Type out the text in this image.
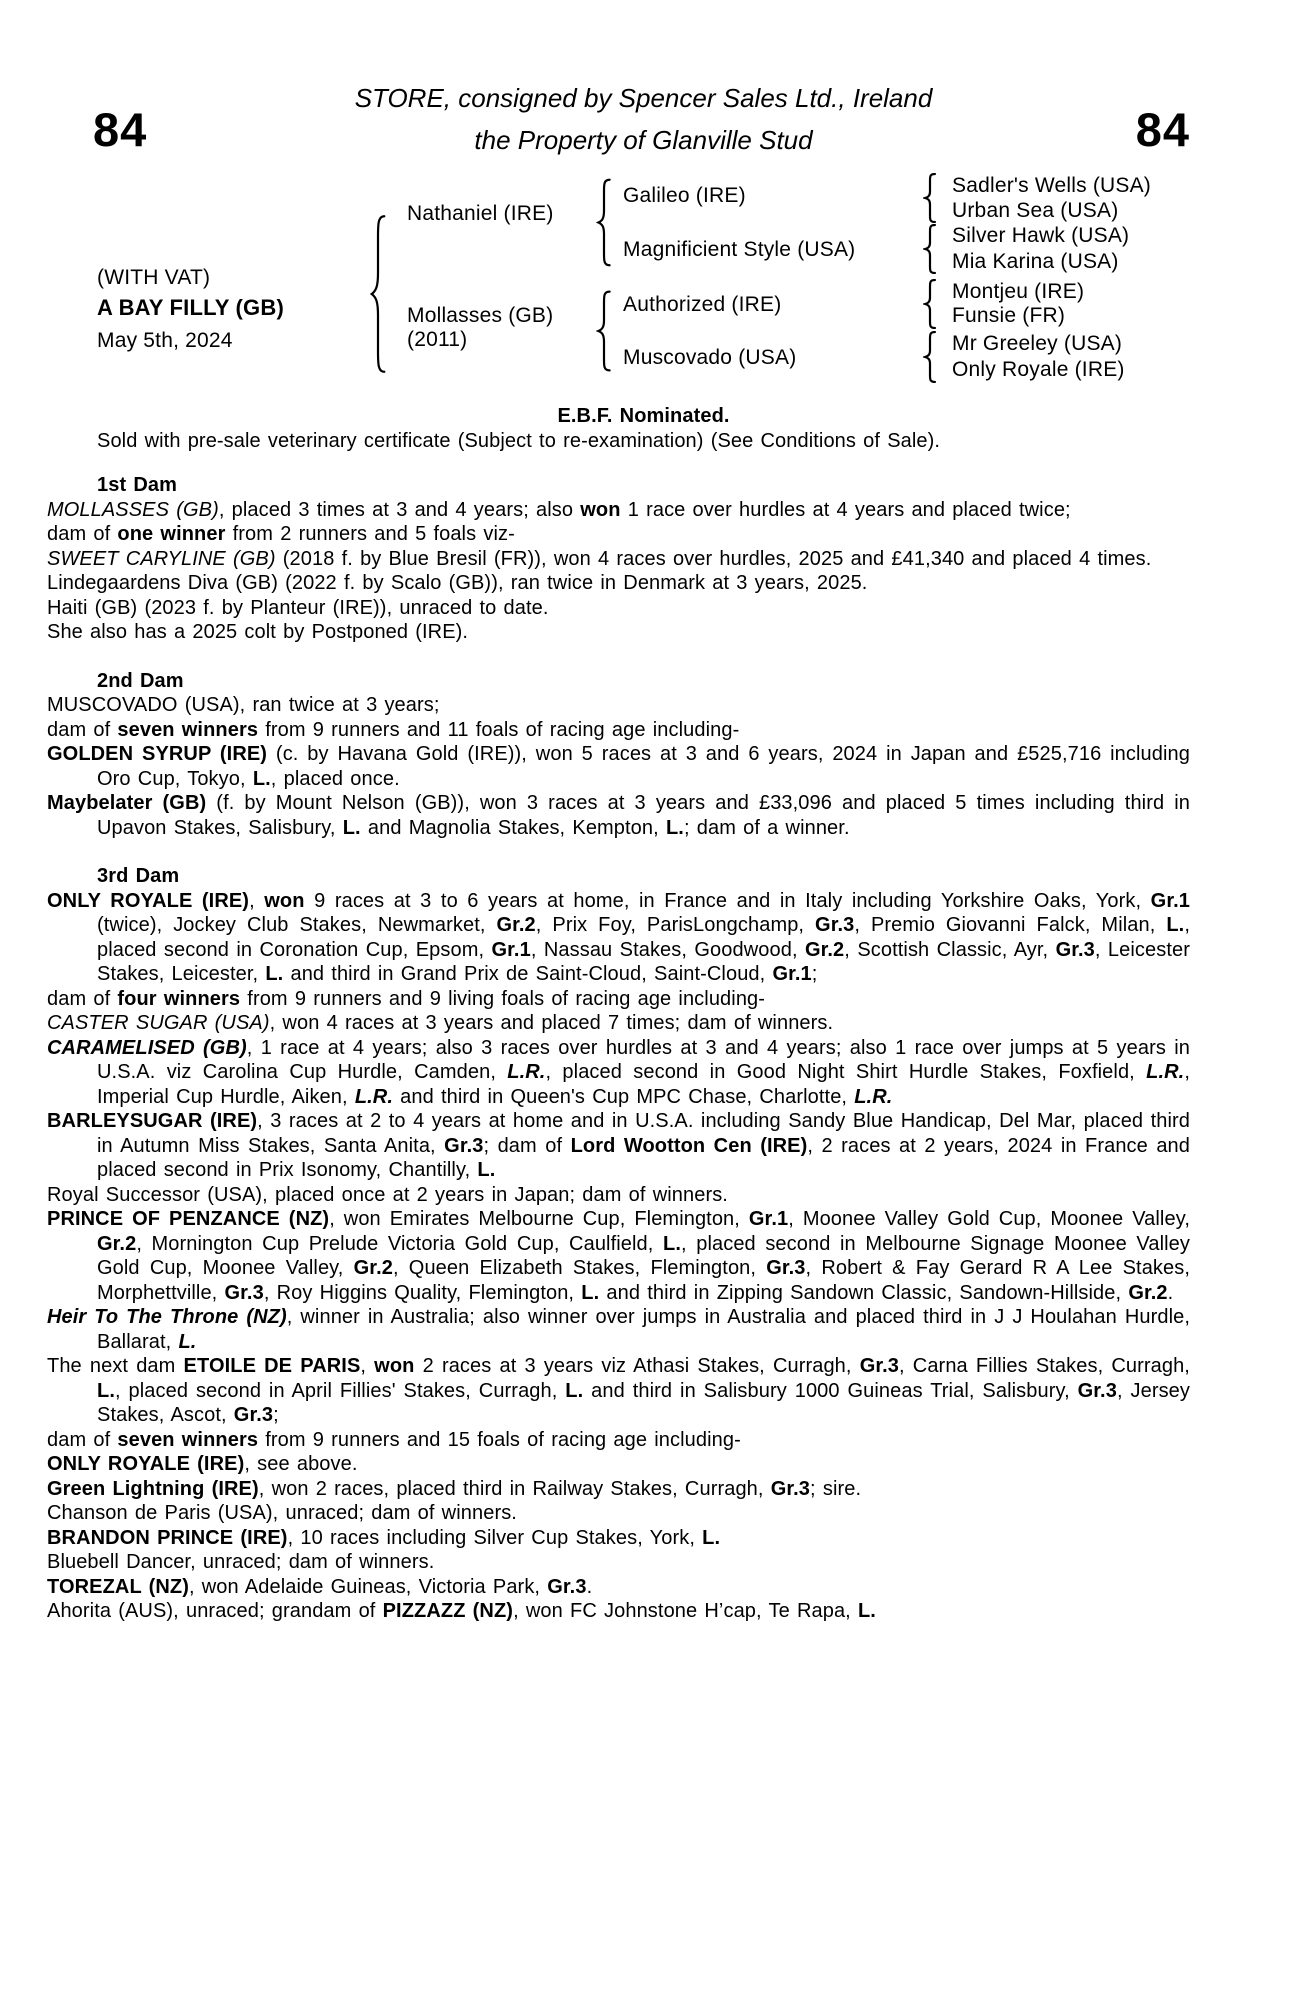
84	84
STORE, consigned by Spencer Sales Ltd., Ireland
the Property of Glanville Stud
(WITH VAT)
A BAY FILLY (GB)
May 5th, 2024
Nathaniel (IRE)
Mollasses (GB)
(2011)
Galileo (IRE)
Magnificient Style (USA)
Authorized (IRE)
Muscovado (USA)
Sadler's Wells (USA)
Urban Sea (USA)
Silver Hawk (USA)
Mia Karina (USA)
Montjeu (IRE)
Funsie (FR)
Mr Greeley (USA)
Only Royale (IRE)

E.B.F. Nominated.

Sold with pre-sale veterinary certificate (Subject to re-examination) (See Conditions of Sale).

1st Dam

MOLLASSES (GB), placed 3 times at 3 and 4 years; also won 1 race over hurdles at 4 years and placed twice;

dam of one winner from 2 runners and 5 foals viz-

SWEET CARYLINE (GB) (2018 f. by Blue Bresil (FR)), won 4 races over hurdles, 2025 and £41,340 and placed 4 times.

Lindegaardens Diva (GB) (2022 f. by Scalo (GB)), ran twice in Denmark at 3 years, 2025.

Haiti (GB) (2023 f. by Planteur (IRE)), unraced to date.

She also has a 2025 colt by Postponed (IRE).

2nd Dam

MUSCOVADO (USA), ran twice at 3 years;

dam of seven winners from 9 runners and 11 foals of racing age including-

GOLDEN SYRUP (IRE) (c. by Havana Gold (IRE)), won 5 races at 3 and 6 years, 2024 in Japan and £525,716 including Oro Cup, Tokyo, L., placed once.

Maybelater (GB) (f. by Mount Nelson (GB)), won 3 races at 3 years and £33,096 and placed 5 times including third in Upavon Stakes, Salisbury, L. and Magnolia Stakes, Kempton, L.; dam of a winner.

3rd Dam

ONLY ROYALE (IRE), won 9 races at 3 to 6 years at home, in France and in Italy including Yorkshire Oaks, York, Gr.1 (twice), Jockey Club Stakes, Newmarket, Gr.2, Prix Foy, ParisLongchamp, Gr.3, Premio Giovanni Falck, Milan, L., placed second in Coronation Cup, Epsom, Gr.1, Nassau Stakes, Goodwood, Gr.2, Scottish Classic, Ayr, Gr.3, Leicester Stakes, Leicester, L. and third in Grand Prix de Saint-Cloud, Saint-Cloud, Gr.1;

dam of four winners from 9 runners and 9 living foals of racing age including-

CASTER SUGAR (USA), won 4 races at 3 years and placed 7 times; dam of winners.

CARAMELISED (GB), 1 race at 4 years; also 3 races over hurdles at 3 and 4 years; also 1 race over jumps at 5 years in U.S.A. viz Carolina Cup Hurdle, Camden, L.R., placed second in Good Night Shirt Hurdle Stakes, Foxfield, L.R., Imperial Cup Hurdle, Aiken, L.R. and third in Queen's Cup MPC Chase, Charlotte, L.R.

BARLEYSUGAR (IRE), 3 races at 2 to 4 years at home and in U.S.A. including Sandy Blue Handicap, Del Mar, placed third in Autumn Miss Stakes, Santa Anita, Gr.3; dam of Lord Wootton Cen (IRE), 2 races at 2 years, 2024 in France and placed second in Prix Isonomy, Chantilly, L.

Royal Successor (USA), placed once at 2 years in Japan; dam of winners.

PRINCE OF PENZANCE (NZ), won Emirates Melbourne Cup, Flemington, Gr.1, Moonee Valley Gold Cup, Moonee Valley, Gr.2, Mornington Cup Prelude Victoria Gold Cup, Caulfield, L., placed second in Melbourne Signage Moonee Valley Gold Cup, Moonee Valley, Gr.2, Queen Elizabeth Stakes, Flemington, Gr.3, Robert & Fay Gerard R A Lee Stakes, Morphettville, Gr.3, Roy Higgins Quality, Flemington, L. and third in Zipping Sandown Classic, Sandown-Hillside, Gr.2.

Heir To The Throne (NZ), winner in Australia; also winner over jumps in Australia and placed third in J J Houlahan Hurdle, Ballarat, L.

The next dam ETOILE DE PARIS, won 2 races at 3 years viz Athasi Stakes, Curragh, Gr.3, Carna Fillies Stakes, Curragh, L., placed second in April Fillies' Stakes, Curragh, L. and third in Salisbury 1000 Guineas Trial, Salisbury, Gr.3, Jersey Stakes, Ascot, Gr.3;

dam of seven winners from 9 runners and 15 foals of racing age including-

ONLY ROYALE (IRE), see above.

Green Lightning (IRE), won 2 races, placed third in Railway Stakes, Curragh, Gr.3; sire.

Chanson de Paris (USA), unraced; dam of winners.

BRANDON PRINCE (IRE), 10 races including Silver Cup Stakes, York, L.

Bluebell Dancer, unraced; dam of winners.

TOREZAL (NZ), won Adelaide Guineas, Victoria Park, Gr.3.

Ahorita (AUS), unraced; grandam of PIZZAZZ (NZ), won FC Johnstone H’cap, Te Rapa, L.
